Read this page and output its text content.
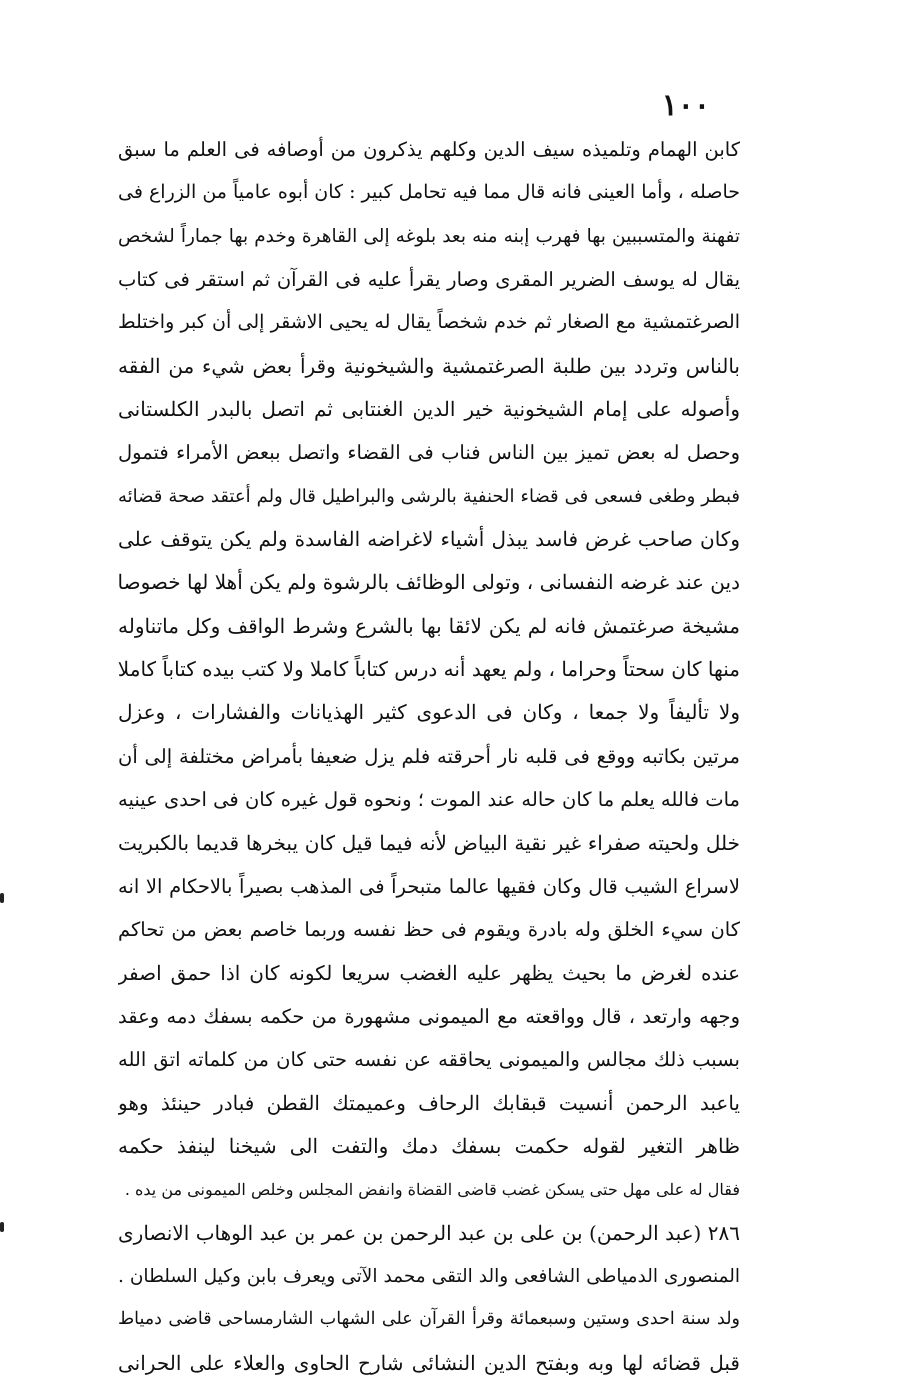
١٠٠
كابن الهمام وتلميذه سيف الدين وكلهم يذكرون من أوصافه فى العلم ما سبق
حاصله ، وأما العينى فانه قال مما فيه تحامل كبير : كان أبوه عامياً من الزراع فى
تفهنة والمتسببين بها فهرب إبنه منه بعد بلوغه إلى القاهرة وخدم بها جماراً لشخص
يقال له يوسف الضرير المقرى وصار يقرأ عليه فى القرآن ثم استقر فى كتاب
الصرغتمشية مع الصغار ثم خدم شخصاً يقال له يحيى الاشقر إلى أن كبر واختلط
بالناس وتردد بين طلبة الصرغتمشية والشيخونية وقرأ بعض شيء من الفقه
وأصوله على إمام الشيخونية خير الدين الغنتابى ثم اتصل بالبدر الكلستانى
وحصل له بعض تميز بين الناس فناب فى القضاء واتصل ببعض الأمراء فتمول
فبطر وطغى فسعى فى قضاء الحنفية بالرشى والبراطيل قال ولم أعتقد صحة قضائه
وكان صاحب غرض فاسد يبذل أشياء لاغراضه الفاسدة ولم يكن يتوقف على
دين عند غرضه النفسانى ، وتولى الوظائف بالرشوة ولم يكن أهلا لها خصوصا
مشيخة صرغتمش فانه لم يكن لائقا بها بالشرع وشرط الواقف وكل ماتناوله
منها كان سحتاً وحراما ، ولم يعهد أنه درس كتاباً كاملا ولا كتب بيده كتاباً كاملا
ولا تأليفاً ولا جمعا ، وكان فى الدعوى كثير الهذيانات والفشارات ، وعزل
مرتين بكاتبه ووقع فى قلبه نار أحرقته فلم يزل ضعيفا بأمراض مختلفة إلى أن
مات فالله يعلم ما كان حاله عند الموت ؛ ونحوه قول غيره كان فى احدى عينيه
خلل ولحيته صفراء غير نقية البياض لأنه فيما قيل كان يبخرها قديما بالكبريت
لاسراع الشيب قال وكان فقيها عالما متبحراً فى المذهب بصيراً بالاحكام الا انه
كان سيء الخلق وله بادرة ويقوم فى حظ نفسه وربما خاصم بعض من تحاكم
عنده لغرض ما بحيث يظهر عليه الغضب سريعا لكونه كان اذا حمق اصفر
وجهه وارتعد ، قال وواقعته مع الميمونى مشهورة من حكمه بسفك دمه وعقد
بسبب ذلك مجالس والميمونى يحاققه عن نفسه حتى كان من كلماته اتق الله
ياعبد الرحمن أنسيت قبقابك الرحاف وعميمتك القطن فبادر حينئذ وهو
ظاهر التغير لقوله حكمت بسفك دمك والتفت الى شيخنا لينفذ حكمه
فقال له على مهل حتى يسكن غضب قاضى القضاة وانفض المجلس وخلص الميمونى من يده .
٢٨٦ (عبد الرحمن) بن على بن عبد الرحمن بن عمر بن عبد الوهاب الانصارى
المنصورى الدمياطى الشافعى والد التقى محمد الآتى ويعرف بابن وكيل السلطان .
ولد سنة احدى وستين وسبعمائة وقرأ القرآن على الشهاب الشارمساحى قاضى دمياط
قبل قضائه لها وبه وبفتح الدين النشائى شارح الحاوى والعلاء على الحرانى
